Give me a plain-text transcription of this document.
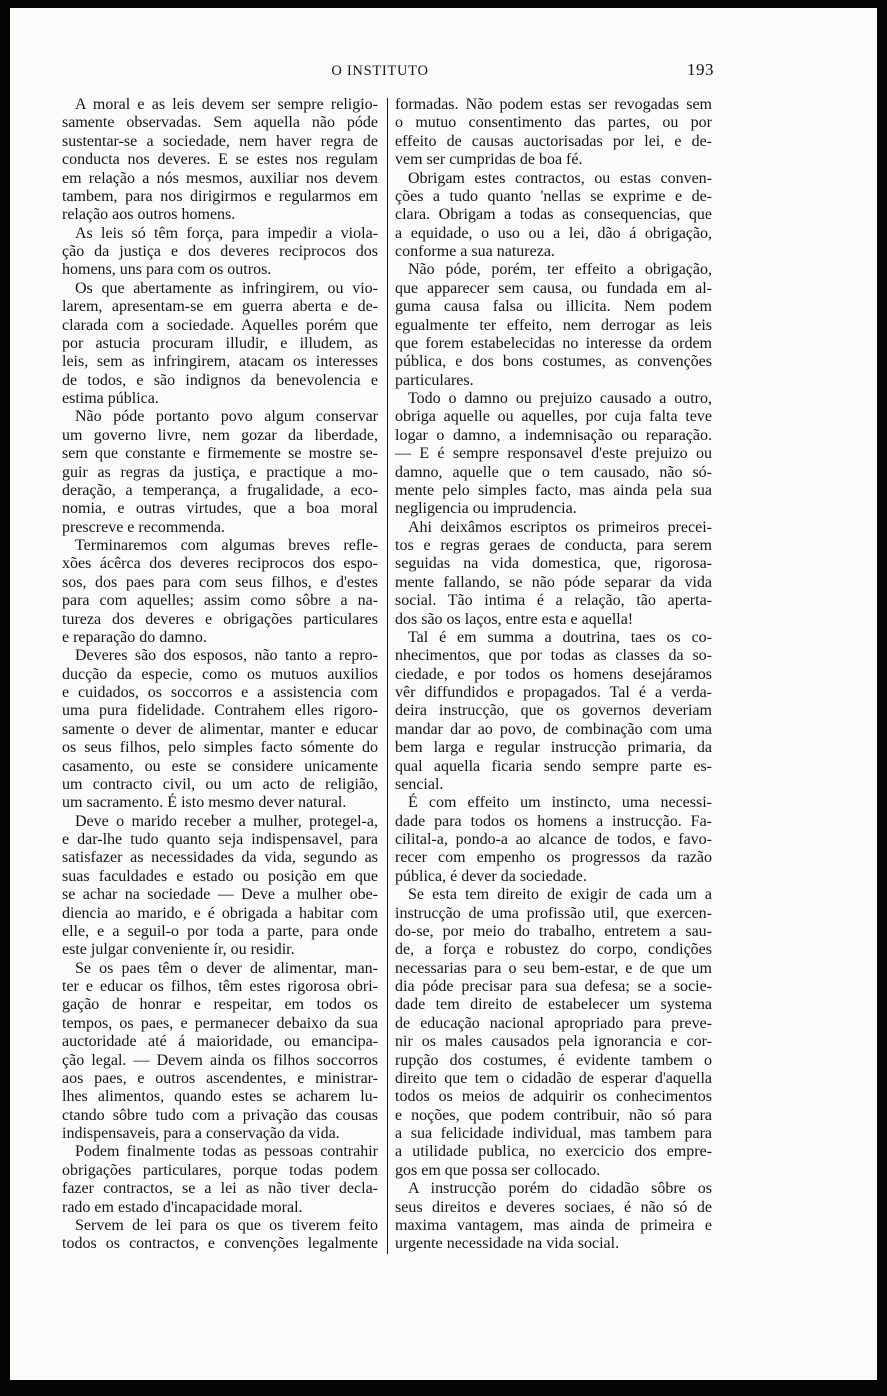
O INSTITUTO	193
A moral e as leis devem ser sempre religio-
samente observadas. Sem aquella não póde
sustentar-se a sociedade, nem haver regra de
conducta nos deveres. E se estes nos regulam
em relação a nós mesmos, auxiliar nos devem
tambem, para nos dirigirmos e regularmos em
relação aos outros homens.
As leis só têm força, para impedir a viola-
ção da justiça e dos deveres reciprocos dos
homens, uns para com os outros.
Os que abertamente as infringirem, ou vio-
larem, apresentam-se em guerra aberta e de-
clarada com a sociedade. Aquelles porém que
por astucia procuram illudir, e illudem, as
leis, sem as infringirem, atacam os interesses
de todos, e são indignos da benevolencia e
estima pública.
Não póde portanto povo algum conservar
um governo livre, nem gozar da liberdade,
sem que constante e firmemente se mostre se-
guir as regras da justiça, e practique a mo-
deração, a temperança, a frugalidade, a eco-
nomia, e outras virtudes, que a boa moral
prescreve e recommenda.
Terminaremos com algumas breves refle-
xões ácêrca dos deveres reciprocos dos espo-
sos, dos paes para com seus filhos, e d'estes
para com aquelles; assim como sôbre a na-
tureza dos deveres e obrigações particulares
e reparação do damno.
Deveres são dos esposos, não tanto a repro-
ducção da especie, como os mutuos auxilios
e cuidados, os soccorros e a assistencia com
uma pura fidelidade. Contrahem elles rigoro-
samente o dever de alimentar, manter e educar
os seus filhos, pelo simples facto sómente do
casamento, ou este se considere unicamente
um contracto civil, ou um acto de religião,
um sacramento. É isto mesmo dever natural.
Deve o marido receber a mulher, protegel-a,
e dar-lhe tudo quanto seja indispensavel, para
satisfazer as necessidades da vida, segundo as
suas faculdades e estado ou posição em que
se achar na sociedade — Deve a mulher obe-
diencia ao marido, e é obrigada a habitar com
elle, e a seguil-o por toda a parte, para onde
este julgar conveniente ír, ou residir.
Se os paes têm o dever de alimentar, man-
ter e educar os filhos, têm estes rigorosa obri-
gação de honrar e respeitar, em todos os
tempos, os paes, e permanecer debaixo da sua
auctoridade até á maioridade, ou emancipa-
ção legal. — Devem ainda os filhos soccorros
aos paes, e outros ascendentes, e ministrar-
lhes alimentos, quando estes se acharem lu-
ctando sôbre tudo com a privação das cousas
indispensaveis, para a conservação da vida.
Podem finalmente todas as pessoas contrahir
obrigações particulares, porque todas podem
fazer contractos, se a lei as não tiver decla-
rado em estado d'incapacidade moral.
Servem de lei para os que os tiverem feito
todos os contractos, e convenções legalmente
formadas. Não podem estas ser revogadas sem
o mutuo consentimento das partes, ou por
effeito de causas auctorisadas por lei, e de-
vem ser cumpridas de boa fé.
Obrigam estes contractos, ou estas conven-
ções a tudo quanto 'nellas se exprime e de-
clara. Obrigam a todas as consequencias, que
a equidade, o uso ou a lei, dão á obrigação,
conforme a sua natureza.
Não póde, porém, ter effeito a obrigação,
que apparecer sem causa, ou fundada em al-
guma causa falsa ou illicita. Nem podem
egualmente ter effeito, nem derrogar as leis
que forem estabelecidas no interesse da ordem
pública, e dos bons costumes, as convenções
particulares.
Todo o damno ou prejuizo causado a outro,
obriga aquelle ou aquelles, por cuja falta teve
logar o damno, a indemnisação ou reparação.
— E é sempre responsavel d'este prejuizo ou
damno, aquelle que o tem causado, não só-
mente pelo simples facto, mas ainda pela sua
negligencia ou imprudencia.
Ahi deixâmos escriptos os primeiros precei-
tos e regras geraes de conducta, para serem
seguidas na vida domestica, que, rigorosa-
mente fallando, se não póde separar da vida
social. Tão intima é a relação, tão aperta-
dos são os laços, entre esta e aquella!
Tal é em summa a doutrina, taes os co-
nhecimentos, que por todas as classes da so-
ciedade, e por todos os homens desejáramos
vêr diffundidos e propagados. Tal é a verda-
deira instrucção, que os governos deveriam
mandar dar ao povo, de combinação com uma
bem larga e regular instrucção primaria, da
qual aquella ficaria sendo sempre parte es-
sencial.
É com effeito um instincto, uma necessi-
dade para todos os homens a instrucção. Fa-
cilital-a, pondo-a ao alcance de todos, e favo-
recer com empenho os progressos da razão
pública, é dever da sociedade.
Se esta tem direito de exigir de cada um a
instrucção de uma profissão util, que exercen-
do-se, por meio do trabalho, entretem a sau-
de, a força e robustez do corpo, condições
necessarias para o seu bem-estar, e de que um
dia póde precisar para sua defesa; se a socie-
dade tem direito de estabelecer um systema
de educação nacional apropriado para preve-
nir os males causados pela ignorancia e cor-
rupção dos costumes, é evidente tambem o
direito que tem o cidadão de esperar d'aquella
todos os meios de adquirir os conhecimentos
e noções, que podem contribuir, não só para
a sua felicidade individual, mas tambem para
a utilidade publica, no exercicio dos empre-
gos em que possa ser collocado.
A instrucção porém do cidadão sôbre os
seus direitos e deveres sociaes, é não só de
maxima vantagem, mas ainda de primeira e
urgente necessidade na vida social.
